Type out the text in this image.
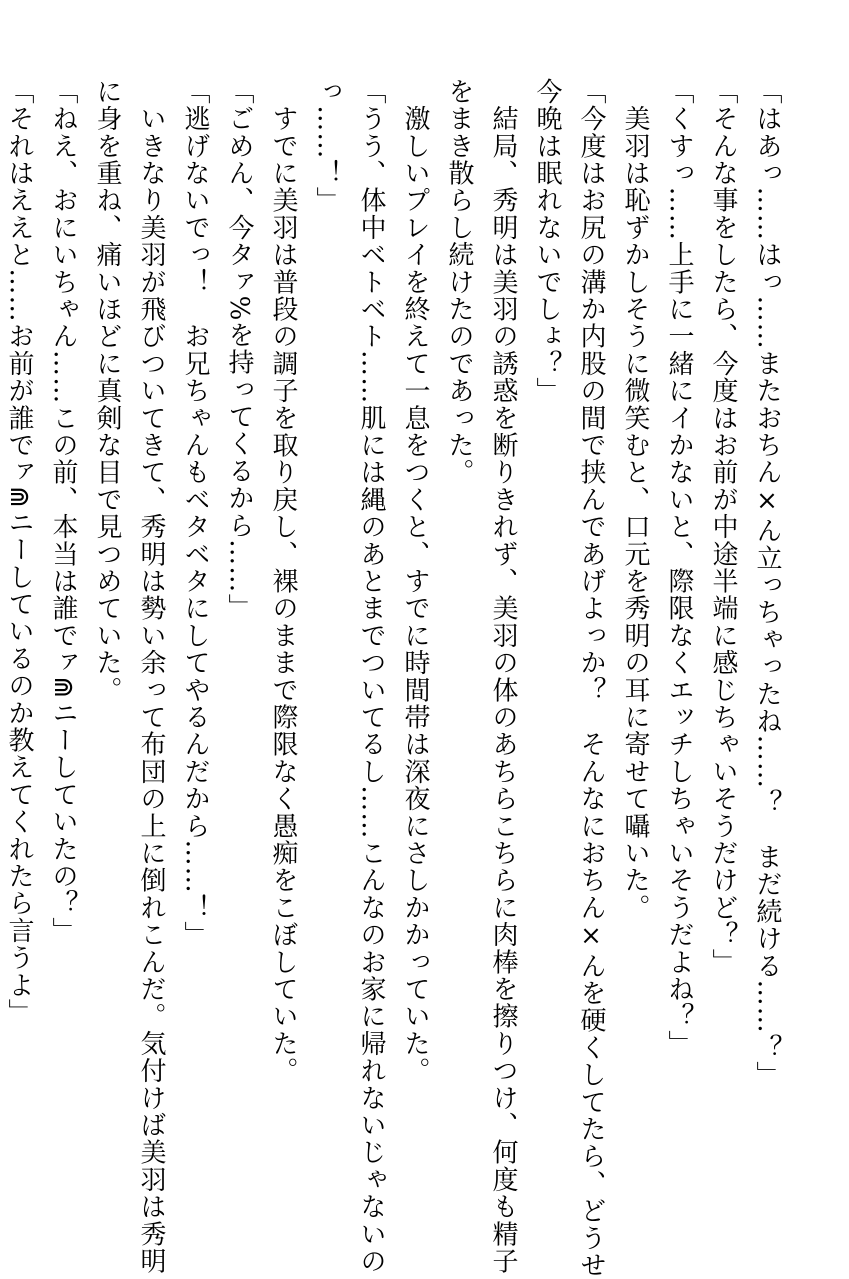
「はあっ……はっ……またおちん×ん立っちゃったね……？　まだ続ける……？」

「そんな事をしたら、今度はお前が中途半端に感じちゃいそうだけど？」

「くすっ……上手に一緒にイかないと、際限なくエッチしちゃいそうだよね？」

　美羽は恥ずかしそうに微笑むと、口元を秀明の耳に寄せて囁いた。

「今度はお尻の溝か内股の間で挟んであげよっか？　そんなにおちん×んを硬くしてたら、どうせ

今晩は眠れないでしょ？」

　結局、秀明は美羽の誘惑を断りきれず、美羽の体のあちらこちらに肉棒を擦りつけ、何度も精子

をまき散らし続けたのであった。

　激しいプレイを終えて一息をつくと、すでに時間帯は深夜にさしかかっていた。

「うう、体中ベトベト……肌には縄のあとまでついてるし……こんなのお家に帰れないじゃないの

っ……！」

　すでに美羽は普段の調子を取り戻し、裸のままで際限なく愚痴をこぼしていた。

「ごめん、今タァ%を持ってくるから……」

「逃げないでっ！　お兄ちゃんもベタベタにしてやるんだから……！」

　いきなり美羽が飛びついてきて、秀明は勢い余って布団の上に倒れこんだ。気付けば美羽は秀明

に身を重ね、痛いほどに真剣な目で見つめていた。

「ねえ、おにいちゃん……この前、本当は誰でァ⋒ニーしていたの？」

「それはええと……お前が誰でァ⋒ニーしているのか教えてくれたら言うよ」
